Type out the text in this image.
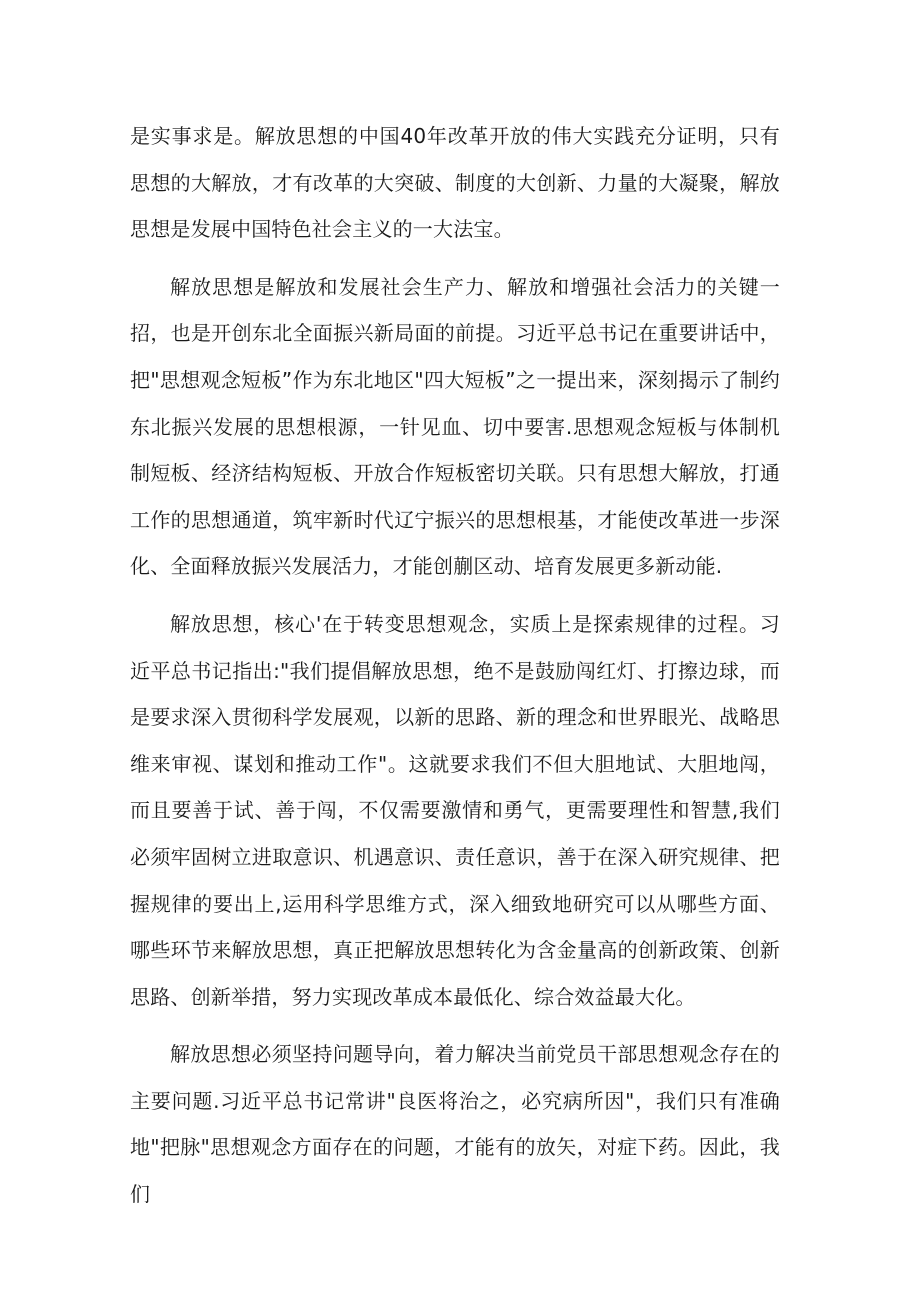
是实事求是。解放思想的中国40年改革开放的伟大实践充分证明，只有思想的大解放，才有改革的大突破、制度的大创新、力量的大凝聚，解放思想是发展中国特色社会主义的一大法宝。

解放思想是解放和发展社会生产力、解放和增强社会活力的关键一招，也是开创东北全面振兴新局面的前提。习近平总书记在重要讲话中，把"思想观念短板”作为东北地区"四大短板”之一提出来，深刻揭示了制约东北振兴发展的思想根源，一针见血、切中要害.思想观念短板与体制机制短板、经济结构短板、开放合作短板密切关联。只有思想大解放，打通工作的思想通道，筑牢新时代辽宁振兴的思想根基，才能使改革进一步深化、全面释放振兴发展活力，才能创蒯区动、培育发展更多新动能.

解放思想，核心'在于转变思想观念，实质上是探索规律的过程。习近平总书记指出:"我们提倡解放思想，绝不是鼓励闯红灯、打擦边球，而是要求深入贯彻科学发展观，以新的思路、新的理念和世界眼光、战略思维来审视、谋划和推动工作"。这就要求我们不但大胆地试、大胆地闯，而且要善于试、善于闯，不仅需要激情和勇气，更需要理性和智慧,我们必须牢固树立进取意识、机遇意识、责任意识，善于在深入研究规律、把握规律的要出上,运用科学思维方式，深入细致地研究可以从哪些方面、哪些环节来解放思想，真正把解放思想转化为含金量高的创新政策、创新思路、创新举措，努力实现改革成本最低化、综合效益最大化。

解放思想必须坚持问题导向，着力解决当前党员干部思想观念存在的主要问题.习近平总书记常讲"良医将治之，必究病所因"，我们只有准确地"把脉"思想观念方面存在的问题，才能有的放矢，对症下药。因此，我们
